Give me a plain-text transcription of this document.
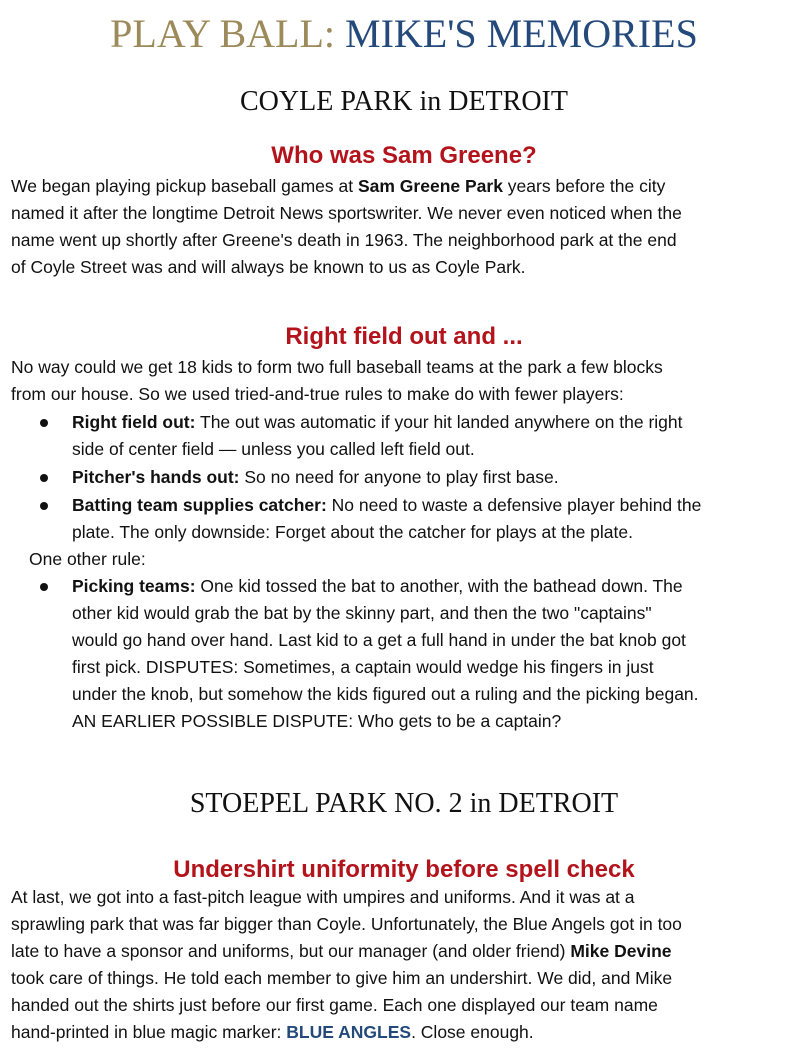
PLAY BALL: MIKE'S MEMORIES
COYLE PARK in DETROIT
Who was Sam Greene?
We began playing pickup baseball games at Sam Greene Park years before the city
named it after the longtime Detroit News sportswriter. We never even noticed when the
name went up shortly after Greene's death in 1963. The neighborhood park at the end
of Coyle Street was and will always be known to us as Coyle Park.
Right field out and ...
No way could we get 18 kids to form two full baseball teams at the park a few blocks
from our house. So we used tried-and-true rules to make do with fewer players:
Right field out: The out was automatic if your hit landed anywhere on the right
side of center field — unless you called left field out.
Pitcher's hands out: So no need for anyone to play first base.
Batting team supplies catcher: No need to waste a defensive player behind the
plate. The only downside: Forget about the catcher for plays at the plate.
One other rule:
Picking teams: One kid tossed the bat to another, with the bathead down. The
other kid would grab the bat by the skinny part, and then the two "captains"
would go hand over hand. Last kid to a get a full hand in under the bat knob got
first pick. DISPUTES: Sometimes, a captain would wedge his fingers in just
under the knob, but somehow the kids figured out a ruling and the picking began.
AN EARLIER POSSIBLE DISPUTE: Who gets to be a captain?
STOEPEL PARK NO. 2 in DETROIT
Undershirt uniformity before spell check
At last, we got into a fast-pitch league with umpires and uniforms. And it was at a
sprawling park that was far bigger than Coyle. Unfortunately, the Blue Angels got in too
late to have a sponsor and uniforms, but our manager (and older friend) Mike Devine
took care of things. He told each member to give him an undershirt. We did, and Mike
handed out the shirts just before our first game. Each one displayed our team name
hand-printed in blue magic marker: BLUE ANGLES. Close enough.
